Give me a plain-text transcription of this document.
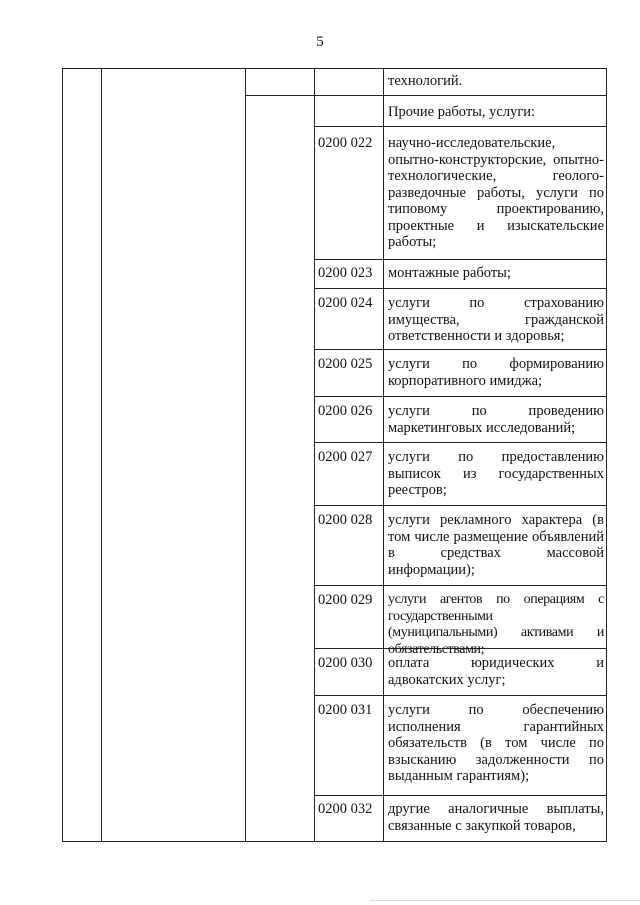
5
технологий.
Прочие работы, услуги:
0200 022	научно-исследовательские, опытно-конструкторские, опытно-технологические, геолого-разведочные работы, услуги по типовому проектированию, проектные и изыскательские работы;
0200 023	монтажные работы;
0200 024	услуги по страхованию имущества, гражданской ответственности и здоровья;
0200 025	услуги по формированию корпоративного имиджа;
0200 026	услуги по проведению маркетинговых исследований;
0200 027	услуги по предоставлению выписок из государственных реестров;
0200 028	услуги рекламного характера (в том числе размещение объявлений в средствах массовой информации);
0200 029	услуги агентов по операциям с государственными (муниципальными) активами и обязательствами;
0200 030	оплата юридических и адвокатских услуг;
0200 031	услуги по обеспечению исполнения гарантийных обязательств (в том числе по взысканию задолженности по выданным гарантиям);
0200 032	другие аналогичные выплаты, связанные с закупкой товаров,
